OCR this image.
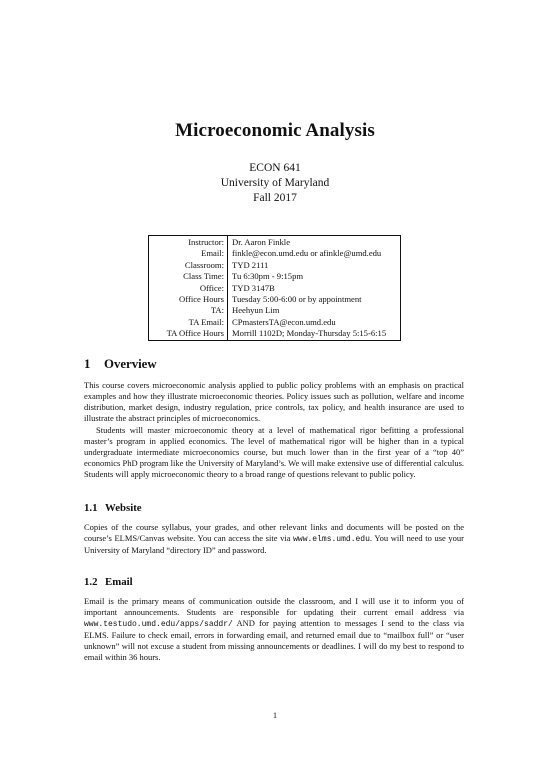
Microeconomic Analysis
ECON 641
University of Maryland
Fall 2017
Instructor:	Dr. Aaron Finkle
Email:	finkle@econ.umd.edu or afinkle@umd.edu
Classroom:	TYD 2111
Class Time:	Tu 6:30pm - 9:15pm
Office:	TYD 3147B
Office Hours	Tuesday 5:00-6:00 or by appointment
TA:	Heehyun Lim
TA Email:	CPmastersTA@econ.umd.edu
TA Office Hours	Morrill 1102D; Monday-Thursday 5:15-6:15
1 Overview

This course covers microeconomic analysis applied to public policy problems with an emphasis on practical examples and how they illustrate microeconomic theories. Policy issues such as pollution, welfare and income distribution, market design, industry regulation, price controls, tax policy, and health insurance are used to illustrate the abstract principles of microeconomics.

Students will master microeconomic theory at a level of mathematical rigor befitting a professional master’s program in applied economics. The level of mathematical rigor will be higher than in a typical undergraduate intermediate microeconomics course, but much lower than in the first year of a “top 40” economics PhD program like the University of Maryland’s. We will make extensive use of differential calculus. Students will apply microeconomic theory to a broad range of questions relevant to public policy.

1.1 Website

Copies of the course syllabus, your grades, and other relevant links and documents will be posted on the course’s ELMS/Canvas website. You can access the site via www.elms.umd.edu. You will need to use your University of Maryland “directory ID” and password.

1.2 Email

Email is the primary means of communication outside the classroom, and I will use it to inform you of important announcements. Students are responsible for updating their current email address via www.testudo.umd.edu/apps/saddr/ AND for paying attention to messages I send to the class via ELMS. Failure to check email, errors in forwarding email, and returned email due to “mailbox full” or “user unknown” will not excuse a student from missing announcements or deadlines. I will do my best to respond to email within 36 hours.

1
